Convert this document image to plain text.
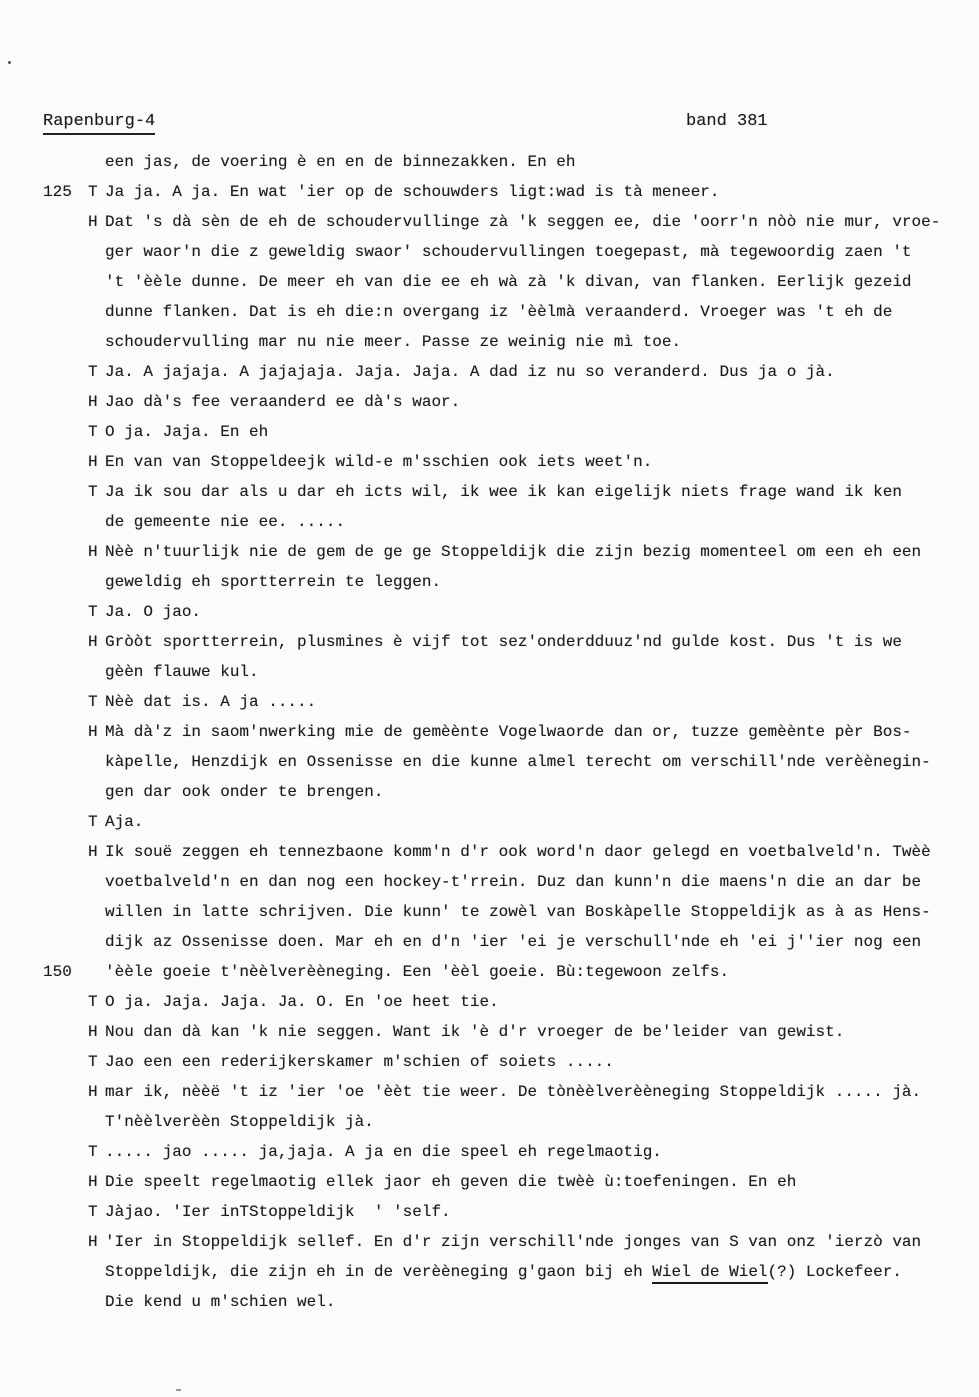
Rapenburg-4	band 381
een jas, de voering è en en de binnezakken. En eh
125	T Ja ja. A ja. En wat 'ier op de schouwders ligt:wad is tà meneer.
H Dat 's dà sèn de eh de schoudervullinge zà 'k seggen ee, die 'oorr'n nòò nie mur, vroe-
ger waor'n die z geweldig swaor' schoudervullingen toegepast, mà tegewoordig zaen 't
't 'èèle dunne. De meer eh van die ee eh wà zà 'k divan, van flanken. Eerlijk gezeid
dunne flanken. Dat is eh die:n overgang iz 'èèlmà veraanderd. Vroeger was 't eh de
schoudervulling mar nu nie meer. Passe ze weinig nie mì toe.
T Ja. A jajaja. A jajajaja. Jaja. Jaja. A dad iz nu so veranderd. Dus ja o jà.
H Jao dà's fee veraanderd ee dà's waor.
T O ja. Jaja. En eh
H En van van Stoppeldeejk wild-e m'sschien ook iets weet'n.
T Ja ik sou dar als u dar eh icts wil, ik wee ik kan eigelijk niets frage wand ik ken
de gemeente nie ee. .....
H Nèè n'tuurlijk nie de gem de ge ge Stoppeldijk die zijn bezig momenteel om een eh een
geweldig eh sportterrein te leggen.
T Ja. O jao.
H Gròòt sportterrein, plusmines è vijf tot sez'onderdduuz'nd gulde kost. Dus 't is we
gèèn flauwe kul.
T Nèè dat is. A ja .....
H Mà dà'z in saom'nwerking mie de gemèènte Vogelwaorde dan or, tuzze gemèènte pèr Bos-
kàpelle, Henzdijk en Ossenisse en die kunne almel terecht om verschill'nde verèènegin-
gen dar ook onder te brengen.
T Aja.
H Ik souë zeggen eh tennezbaone komm'n d'r ook word'n daor gelegd en voetbalveld'n. Twèè
voetbalveld'n en dan nog een hockey-t'rrein. Duz dan kunn'n die maens'n die an dar be
willen in latte schrijven. Die kunn' te zowèl van Boskàpelle Stoppeldijk as à as Hens-
dijk az Ossenisse doen. Mar eh en d'n 'ier 'ei je verschull'nde eh 'ei j''ier nog een
150	'èèle goeie t'nèèlverèèneging. Een 'èèl goeie. Bù:tegewoon zelfs.
T O ja. Jaja. Jaja. Ja. O. En 'oe heet tie.
H Nou dan dà kan 'k nie seggen. Want ik 'è d'r vroeger de be'leider van gewist.
T Jao een een rederijkerskamer m'schien of soiets .....
H mar ik, nèèë 't iz 'ier 'oe 'èèt tie weer. De tònèèlverèèneging Stoppeldijk ..... jà.
T'nèèlverèèn Stoppeldijk jà.
T ..... jao ..... ja,jaja. A ja en die speel eh regelmaotig.
H Die speelt regelmaotig ellek jaor eh geven die twèè ù:toefeningen. En eh
T Jàjao. 'Ier inTStoppeldijk  ' 'self.
H 'Ier in Stoppeldijk sellef. En d'r zijn verschill'nde jonges van S van onz 'ierzò van
Stoppeldijk, die zijn eh in de verèèneging g'gaon bij eh Wiel de Wiel(?) Lockefeer.
Die kend u m'schien wel.
